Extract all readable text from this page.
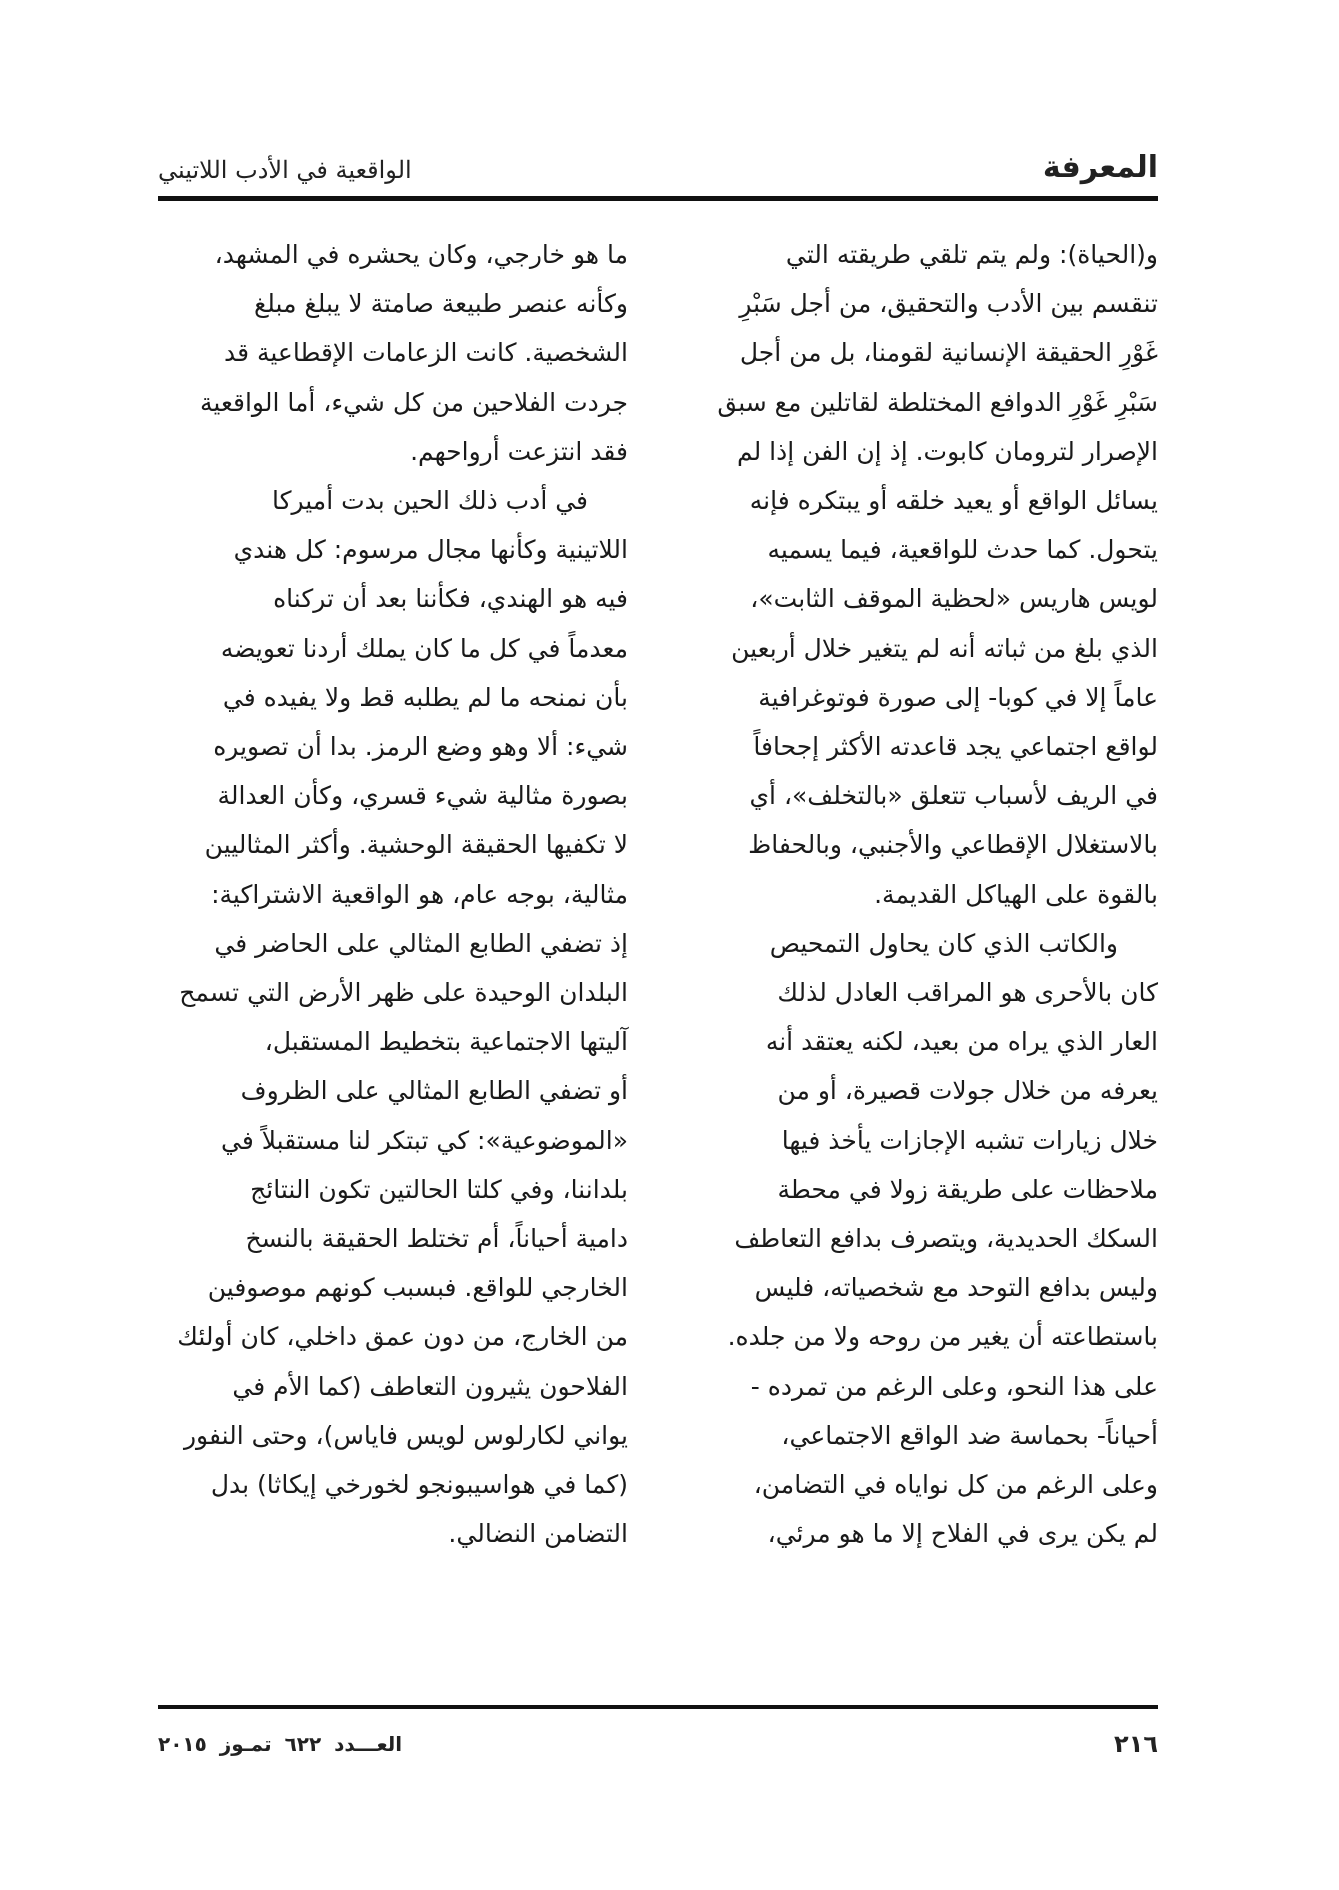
المعرفة
الواقعية في الأدب اللاتيني

و(الحياة): ولم يتم تلقي طريقته التي
تنقسم بين الأدب والتحقيق، من أجل سَبْرِ
غَوْرِ الحقيقة الإنسانية لقومنا، بل من أجل
سَبْرِ غَوْرِ الدوافع المختلطة لقاتلين مع سبق
الإصرار لترومان كابوت. إذ إن الفن إذا لم
يسائل الواقع أو يعيد خلقه أو يبتكره فإنه
يتحول. كما حدث للواقعية، فيما يسميه
لويس هاريس «لحظية الموقف الثابت»،
الذي بلغ من ثباته أنه لم يتغير خلال أربعين
عاماً إلا في كوبا- إلى صورة فوتوغرافية
لواقع اجتماعي يجد قاعدته الأكثر إجحافاً
في الريف لأسباب تتعلق «بالتخلف»، أي
بالاستغلال الإقطاعي والأجنبي، وبالحفاظ
بالقوة على الهياكل القديمة.

والكاتب الذي كان يحاول التمحيص
كان بالأحرى هو المراقب العادل لذلك
العار الذي يراه من بعيد، لكنه يعتقد أنه
يعرفه من خلال جولات قصيرة، أو من
خلال زيارات تشبه الإجازات يأخذ فيها
ملاحظات على طريقة زولا في محطة
السكك الحديدية، ويتصرف بدافع التعاطف
وليس بدافع التوحد مع شخصياته، فليس
باستطاعته أن يغير من روحه ولا من جلده.
على هذا النحو، وعلى الرغم من تمرده -
أحياناً- بحماسة ضد الواقع الاجتماعي،
وعلى الرغم من كل نواياه في التضامن،
لم يكن يرى في الفلاح إلا ما هو مرئي،

ما هو خارجي، وكان يحشره في المشهد،
وكأنه عنصر طبيعة صامتة لا يبلغ مبلغ
الشخصية. كانت الزعامات الإقطاعية قد
جردت الفلاحين من كل شيء، أما الواقعية
فقد انتزعت أرواحهم.

في أدب ذلك الحين بدت أميركا
اللاتينية وكأنها مجال مرسوم: كل هندي
فيه هو الهندي، فكأننا بعد أن تركناه
معدماً في كل ما كان يملك أردنا تعويضه
بأن نمنحه ما لم يطلبه قط ولا يفيده في
شيء: ألا وهو وضع الرمز. بدا أن تصويره
بصورة مثالية شيء قسري، وكأن العدالة
لا تكفيها الحقيقة الوحشية. وأكثر المثاليين
مثالية، بوجه عام، هو الواقعية الاشتراكية:
إذ تضفي الطابع المثالي على الحاضر في
البلدان الوحيدة على ظهر الأرض التي تسمح
آليتها الاجتماعية بتخطيط المستقبل،
أو تضفي الطابع المثالي على الظروف
«الموضوعية»: كي تبتكر لنا مستقبلاً في
بلداننا، وفي كلتا الحالتين تكون النتائج
دامية أحياناً، أم تختلط الحقيقة بالنسخ
الخارجي للواقع. فبسبب كونهم موصوفين
من الخارج، من دون عمق داخلي، كان أولئك
الفلاحون يثيرون التعاطف (كما الأم في
يواني لكارلوس لويس فاياس)، وحتى النفور
(كما في هواسيبونجو لخورخي إيكاثا) بدل
التضامن النضالي.

٢١٦
العـــدد ٦٢٢ تمـوز ٢٠١٥
